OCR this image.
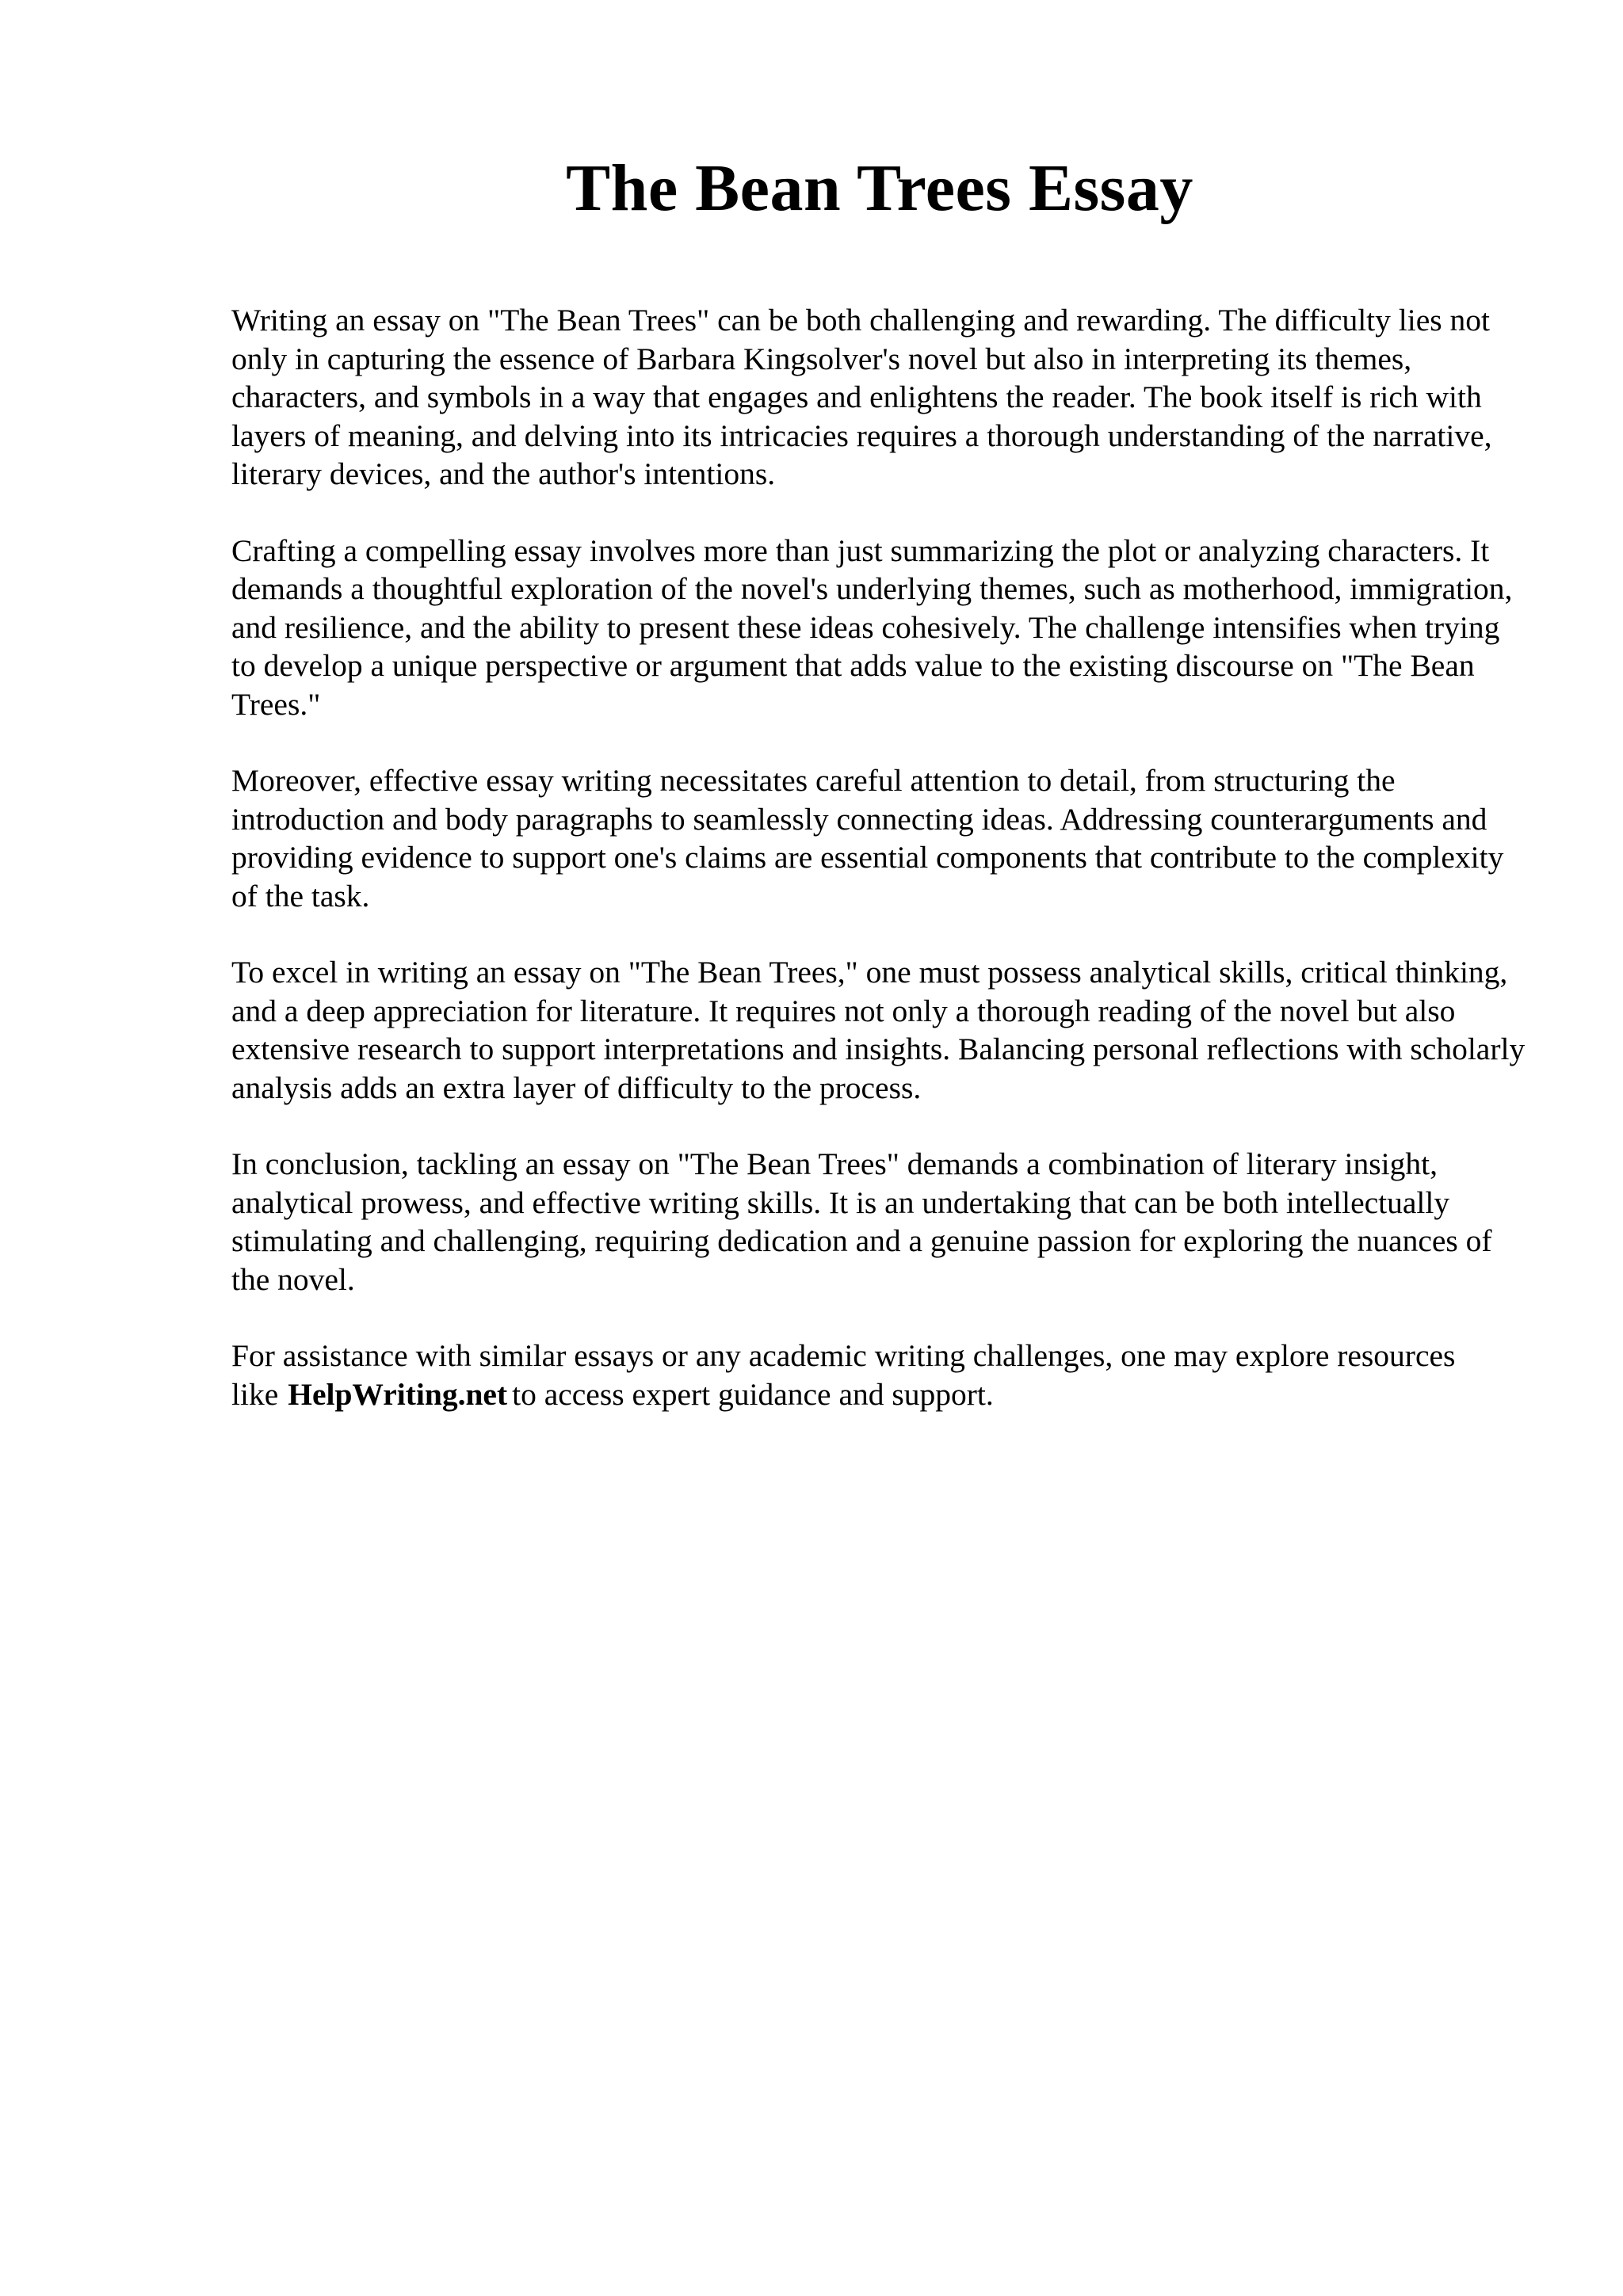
The Bean Trees Essay

Writing an essay on "The Bean Trees" can be both challenging and rewarding. The difficulty lies not only in capturing the essence of Barbara Kingsolver's novel but also in interpreting its themes, characters, and symbols in a way that engages and enlightens the reader. The book itself is rich with layers of meaning, and delving into its intricacies requires a thorough understanding of the narrative, literary devices, and the author's intentions.

Crafting a compelling essay involves more than just summarizing the plot or analyzing characters. It demands a thoughtful exploration of the novel's underlying themes, such as motherhood, immigration, and resilience, and the ability to present these ideas cohesively. The challenge intensifies when trying to develop a unique perspective or argument that adds value to the existing discourse on "The Bean Trees."

Moreover, effective essay writing necessitates careful attention to detail, from structuring the introduction and body paragraphs to seamlessly connecting ideas. Addressing counterarguments and providing evidence to support one's claims are essential components that contribute to the complexity of the task.

To excel in writing an essay on "The Bean Trees," one must possess analytical skills, critical thinking, and a deep appreciation for literature. It requires not only a thorough reading of the novel but also extensive research to support interpretations and insights. Balancing personal reflections with scholarly analysis adds an extra layer of difficulty to the process.

In conclusion, tackling an essay on "The Bean Trees" demands a combination of literary insight, analytical prowess, and effective writing skills. It is an undertaking that can be both intellectually stimulating and challenging, requiring dedication and a genuine passion for exploring the nuances of the novel.

For assistance with similar essays or any academic writing challenges, one may explore resources like HelpWriting.net to access expert guidance and support.
